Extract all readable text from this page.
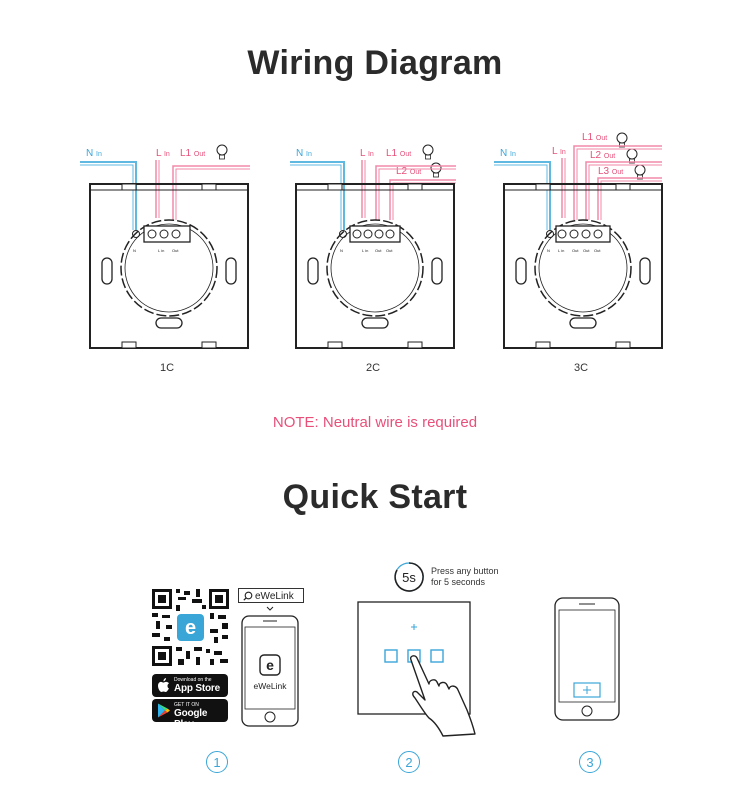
Wiring Diagram
N In	L In L1 Out
N	L in Out
1C
N In	L In L1 Out
L2 Out
N	L in Out Out
2C
N In	L In
L1 Out
L2 Out
L3 Out
N L in Out Out Out
3C
NOTE: Neutral wire is required
Quick Start
e
Download on the
App Store
GET IT ON
Google Play
eWeLink
e
eWeLink
5s Press any button
for 5 seconds
1	2	3
